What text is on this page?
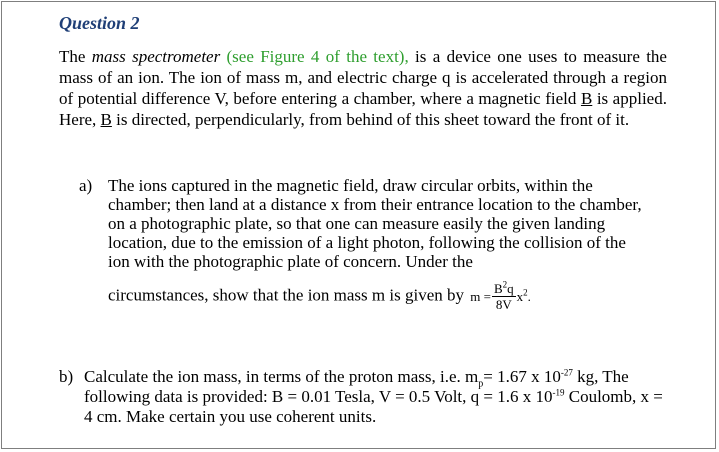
Question 2

The mass spectrometer (see Figure 4 of the text), is a device one uses to measure the mass of an ion. The ion of mass m, and electric charge q is accelerated through a region of potential difference V, before entering a chamber, where a magnetic field B is applied. Here, B is directed, perpendicularly, from behind of this sheet toward the front of it.

a) The ions captured in the magnetic field, draw circular orbits, within the chamber; then land at a distance x from their entrance location to the chamber, on a photographic plate, so that one can measure easily the given landing location, due to the emission of a light photon, following the collision of the ion with the photographic plate of concern. Under the
circumstances, show that the ion mass m is given by $m = \frac{B^2q}{8V} x^2$.
b) Calculate the ion mass, in terms of the proton mass, i.e. $m_p= 1.67$ x $10^{-27}$ kg, The following data is provided: B = 0.01 Tesla, V = 0.5 Volt, q = 1.6 x $10^{-19}$ Coulomb, x = 4 cm. Make certain you use coherent units.
